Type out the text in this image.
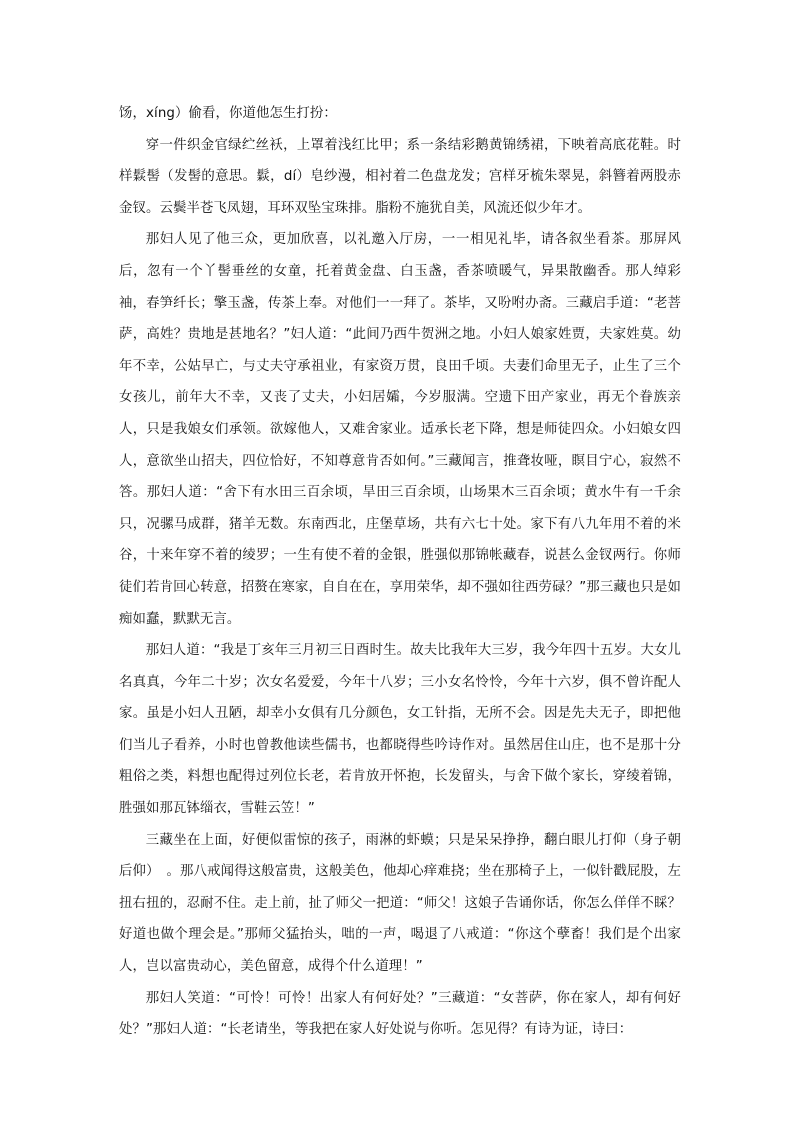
饧，xíng）偷看，你道他怎生打扮：

穿一件织金官绿纻丝袄，上罩着浅红比甲；系一条结彩鹅黄锦绣裙，下映着高底花鞋。时样鬏髻（发髻的意思。鬏，dí）皂纱漫，相衬着二色盘龙发；宫样牙梳朱翠晃，斜簪着两股赤金钗。云鬓半苍飞凤翅，耳环双坠宝珠排。脂粉不施犹自美，风流还似少年才。

那妇人见了他三众，更加欣喜，以礼邀入厅房，一一相见礼毕，请各叙坐看茶。那屏风后，忽有一个丫髻垂丝的女童，托着黄金盘、白玉盏，香茶喷暖气，异果散幽香。那人绰彩袖，春笋纤长；擎玉盏，传茶上奉。对他们一一拜了。茶毕，又吩咐办斋。三藏启手道：“老菩萨，高姓？贵地是甚地名？”妇人道：“此间乃西牛贺洲之地。小妇人娘家姓贾，夫家姓莫。幼年不幸，公姑早亡，与丈夫守承祖业，有家资万贯，良田千顷。夫妻们命里无子，止生了三个女孩儿，前年大不幸，又丧了丈夫，小妇居孀，今岁服满。空遗下田产家业，再无个眷族亲人，只是我娘女们承领。欲嫁他人，又难舍家业。适承长老下降，想是师徒四众。小妇娘女四人，意欲坐山招夫，四位恰好，不知尊意肯否如何。”三藏闻言，推聋妆哑，瞑目宁心，寂然不答。那妇人道：“舍下有水田三百余顷，旱田三百余顷，山场果木三百余顷；黄水牛有一千余只，况骡马成群，猪羊无数。东南西北，庄堡草场，共有六七十处。家下有八九年用不着的米谷，十来年穿不着的绫罗；一生有使不着的金银，胜强似那锦帐藏春，说甚么金钗两行。你师徒们若肯回心转意，招赘在寒家，自自在在，享用荣华，却不强如往西劳碌？”那三藏也只是如痴如蠢，默默无言。

那妇人道：“我是丁亥年三月初三日酉时生。故夫比我年大三岁，我今年四十五岁。大女儿名真真，今年二十岁；次女名爱爱，今年十八岁；三小女名怜怜，今年十六岁，俱不曾许配人家。虽是小妇人丑陋，却幸小女俱有几分颜色，女工针指，无所不会。因是先夫无子，即把他们当儿子看养，小时也曾教他读些儒书，也都晓得些吟诗作对。虽然居住山庄，也不是那十分粗俗之类，料想也配得过列位长老，若肯放开怀抱，长发留头，与舍下做个家长，穿绫着锦，胜强如那瓦钵缁衣，雪鞋云笠！”

三藏坐在上面，好便似雷惊的孩子，雨淋的虾蟆；只是呆呆挣挣，翻白眼儿打仰（身子朝后仰）　。那八戒闻得这般富贵，这般美色，他却心痒难挠；坐在那椅子上，一似针戳屁股，左扭右扭的，忍耐不住。走上前，扯了师父一把道：“师父！这娘子告诵你话，你怎么佯佯不睬？好道也做个理会是。”那师父猛抬头，咄的一声，喝退了八戒道：“你这个孽畜！我们是个出家人，岂以富贵动心，美色留意，成得个什么道理！”

那妇人笑道：“可怜！可怜！出家人有何好处？”三藏道：“女菩萨，你在家人，却有何好处？”那妇人道：“长老请坐，等我把在家人好处说与你听。怎见得？有诗为证，诗曰：
